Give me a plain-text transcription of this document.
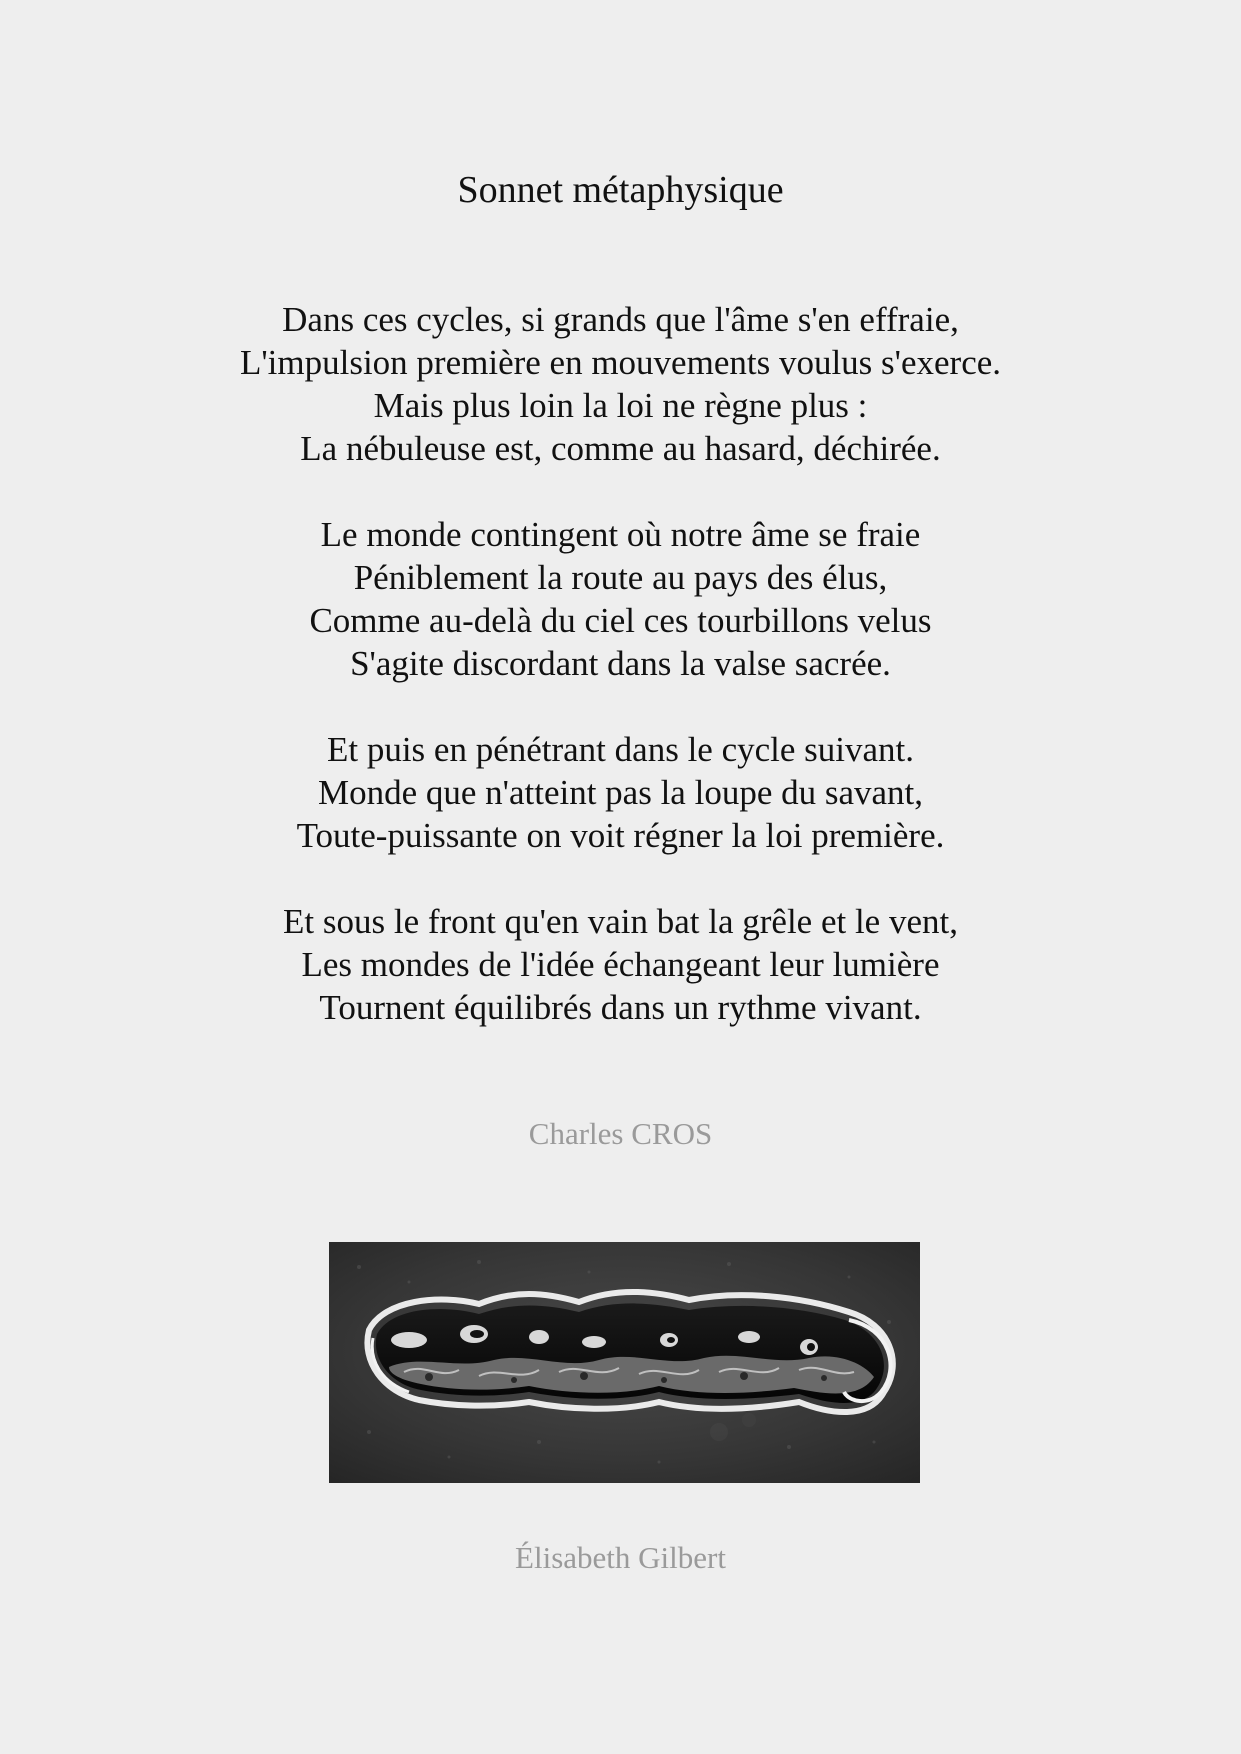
Sonnet métaphysique
Dans ces cycles, si grands que l'âme s'en effraie,
L'impulsion première en mouvements voulus s'exerce.
Mais plus loin la loi ne règne plus :
La nébuleuse est, comme au hasard, déchirée.
Le monde contingent où notre âme se fraie
Péniblement la route au pays des élus,
Comme au-delà du ciel ces tourbillons velus
S'agite discordant dans la valse sacrée.
Et puis en pénétrant dans le cycle suivant.
Monde que n'atteint pas la loupe du savant,
Toute-puissante on voit régner la loi première.
Et sous le front qu'en vain bat la grêle et le vent,
Les mondes de l'idée échangeant leur lumière
Tournent équilibrés dans un rythme vivant.
Charles CROS
Élisabeth Gilbert
